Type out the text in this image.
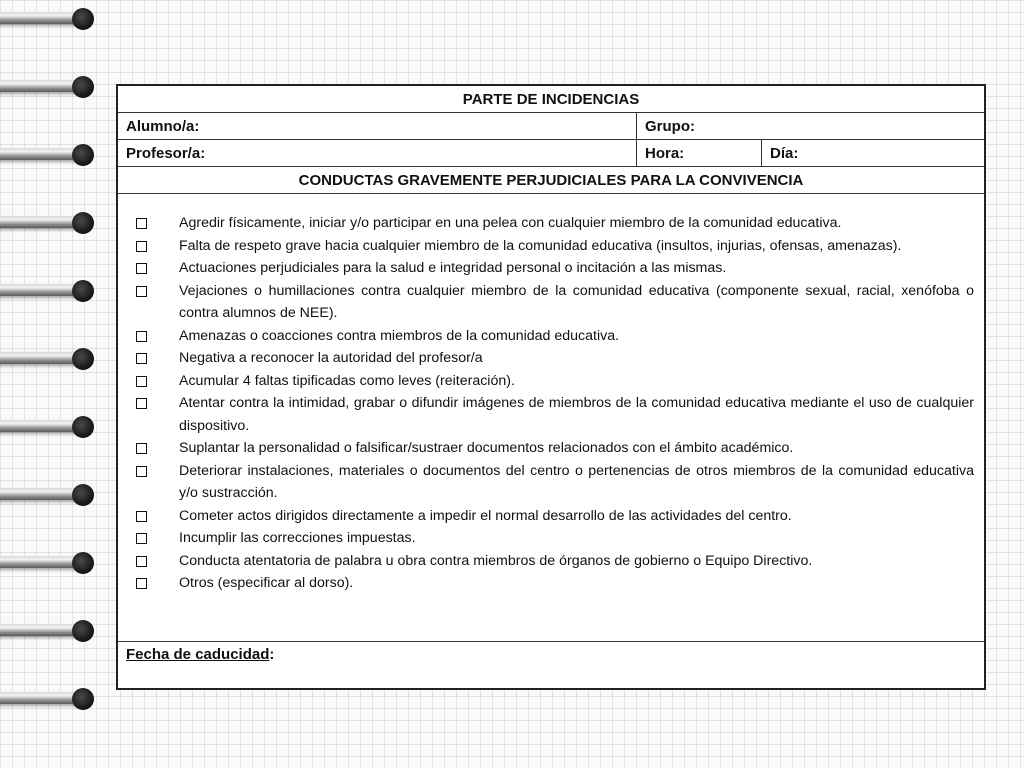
PARTE DE INCIDENCIAS
Alumno/a:	Grupo:
Profesor/a:	Hora:	Día:
CONDUCTAS GRAVEMENTE PERJUDICIALES PARA LA CONVIVENCIA
Agredir físicamente, iniciar y/o participar en una pelea con cualquier miembro de la comunidad educativa.
Falta de respeto grave hacia cualquier miembro de la comunidad educativa (insultos, injurias, ofensas, amenazas).
Actuaciones perjudiciales para la salud e integridad personal o incitación a las mismas.
Vejaciones o humillaciones contra cualquier miembro de la comunidad educativa (componente sexual, racial, xenófoba o contra alumnos de NEE).
Amenazas o coacciones contra miembros de la comunidad educativa.
Negativa a reconocer la autoridad del profesor/a
Acumular 4 faltas tipificadas como leves (reiteración).
Atentar contra la intimidad, grabar o difundir imágenes de miembros de la comunidad educativa mediante el uso de cualquier dispositivo.
Suplantar la personalidad o falsificar/sustraer documentos relacionados con el ámbito académico.
Deteriorar instalaciones, materiales o documentos del centro o pertenencias de otros miembros de la comunidad educativa y/o sustracción.
Cometer actos dirigidos directamente a impedir el normal desarrollo de las actividades del centro.
Incumplir las correcciones impuestas.
Conducta atentatoria de palabra u obra contra miembros de órganos de gobierno o Equipo Directivo.
Otros (especificar al dorso).
Fecha de caducidad:
